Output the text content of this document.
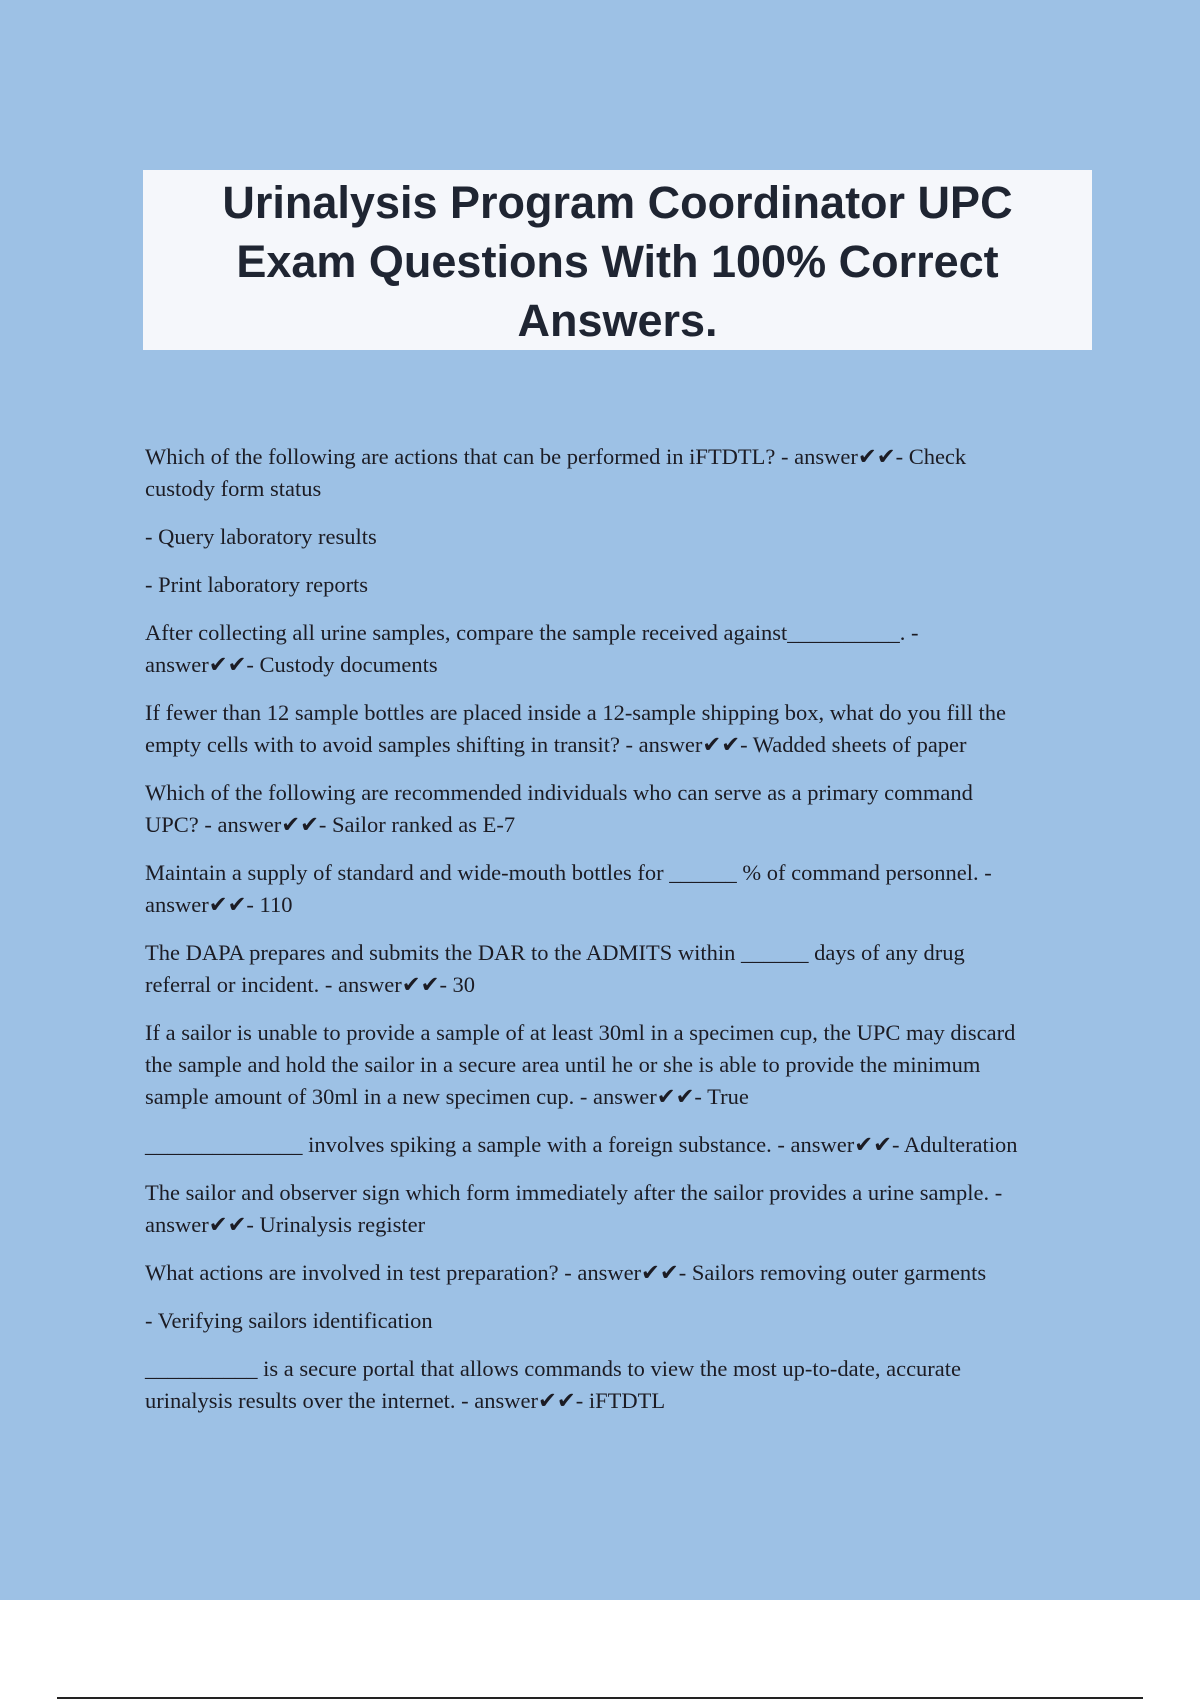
Urinalysis Program Coordinator UPC
Exam Questions With 100% Correct
Answers.

Which of the following are actions that can be performed in iFTDTL? - answer✔✔- Check
custody form status

- Query laboratory results

- Print laboratory reports

After collecting all urine samples, compare the sample received against__________. -
answer✔✔- Custody documents

If fewer than 12 sample bottles are placed inside a 12-sample shipping box, what do you fill the
empty cells with to avoid samples shifting in transit? - answer✔✔- Wadded sheets of paper

Which of the following are recommended individuals who can serve as a primary command
UPC? - answer✔✔- Sailor ranked as E-7

Maintain a supply of standard and wide-mouth bottles for ______ % of command personnel. -
answer✔✔- 110

The DAPA prepares and submits the DAR to the ADMITS within ______ days of any drug
referral or incident. - answer✔✔- 30

If a sailor is unable to provide a sample of at least 30ml in a specimen cup, the UPC may discard
the sample and hold the sailor in a secure area until he or she is able to provide the minimum
sample amount of 30ml in a new specimen cup. - answer✔✔- True

______________ involves spiking a sample with a foreign substance. - answer✔✔- Adulteration

The sailor and observer sign which form immediately after the sailor provides a urine sample. -
answer✔✔- Urinalysis register

What actions are involved in test preparation? - answer✔✔- Sailors removing outer garments

- Verifying sailors identification

__________ is a secure portal that allows commands to view the most up-to-date, accurate
urinalysis results over the internet. - answer✔✔- iFTDTL
